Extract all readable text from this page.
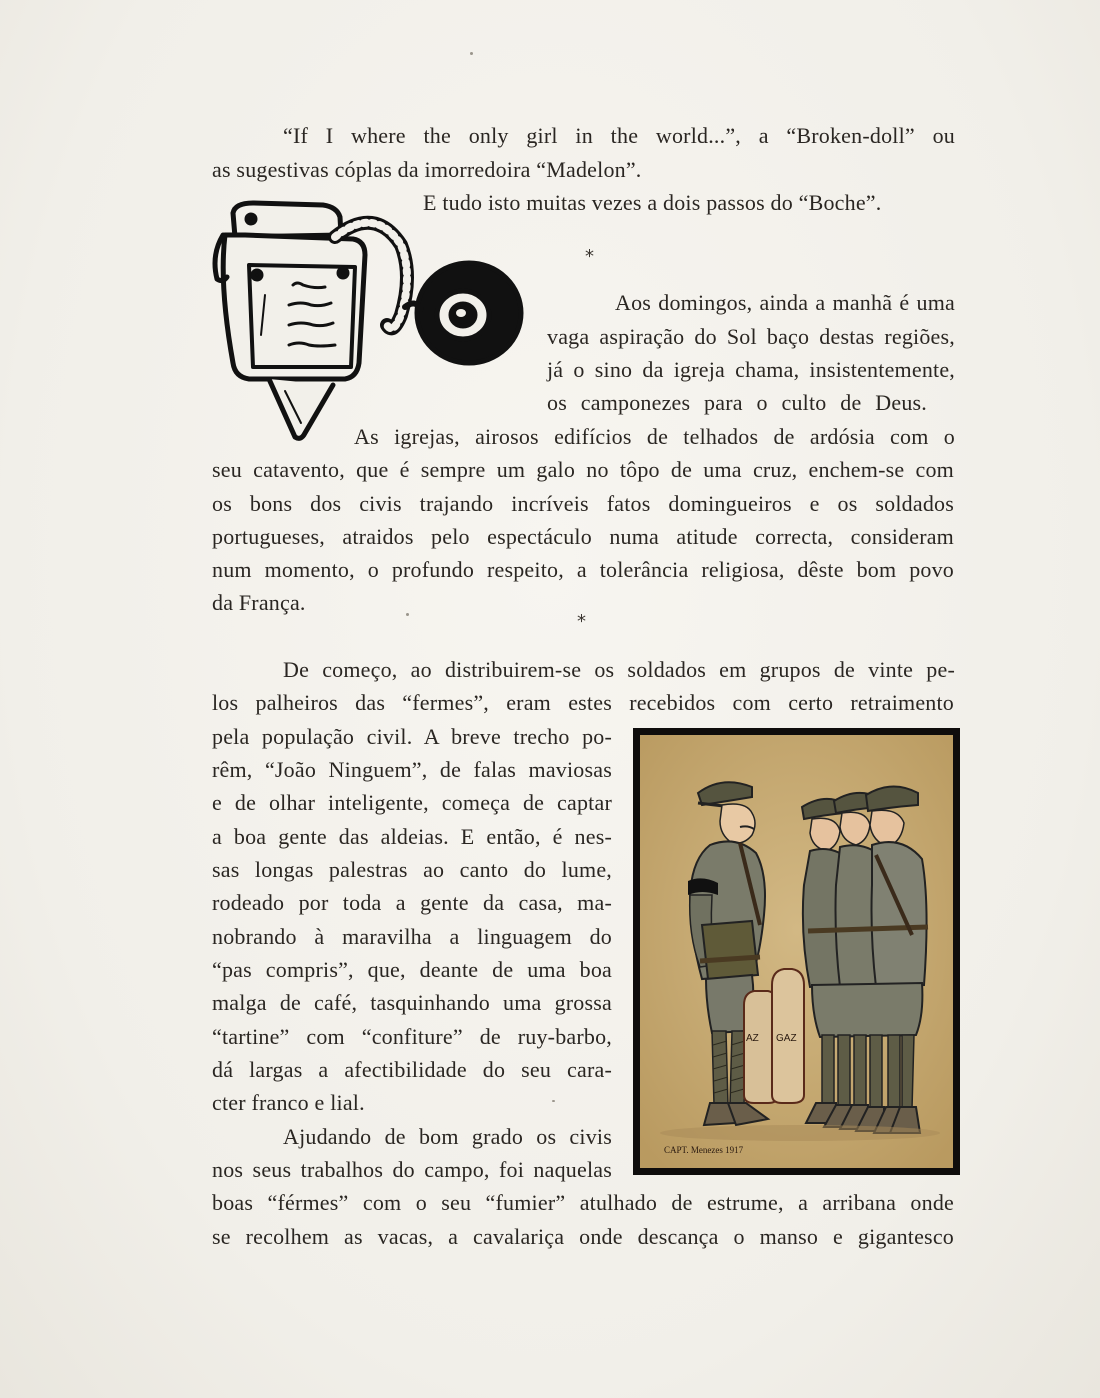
“If I where the only girl in the world...”, a “Broken-doll” ou
as sugestivas cóplas da imorredoira “Madelon”.
E tudo isto muitas vezes a dois passos do “Boche”.
*
Aos domingos, ainda a manhã é uma
vaga aspiração do Sol baço destas regiões,
já o sino da igreja chama, insistentemente,
os camponezes para o culto de Deus.
As igrejas, airosos edifícios de telhados de ardósia com o
seu catavento, que é sempre um galo no tôpo de uma cruz, enchem-se com
os bons dos civis trajando incríveis fatos domingueiros e os soldados
portugueses, atraidos pelo espectáculo numa atitude correcta, consideram
num momento, o profundo respeito, a tolerância religiosa, dêste bom povo
da França.
*
De começo, ao distribuirem-se os soldados em grupos de vinte pe-
los palheiros das “fermes”, eram estes recebidos com certo retraimento
pela população civil. A breve trecho po-
rêm, “João Ninguem”, de falas maviosas
e de olhar inteligente, começa de captar
a boa gente das aldeias. E então, é nes-
sas longas palestras ao canto do lume,
rodeado por toda a gente da casa, ma-
nobrando à maravilha a linguagem do
“pas compris”, que, deante de uma boa
malga de café, tasquinhando uma grossa
“tartine” com “confiture” de ruy-barbo,
dá largas a afectibilidade do seu cara-
cter franco e lial.
Ajudando de bom grado os civis
nos seus trabalhos do campo, foi naquelas
boas “férmes” com o seu “fumier” atulhado de estrume, a arribana onde
se recolhem as vacas, a cavalariça onde descança o manso e gigantesco
AZ GAZ
CAPT. Menezes 1917
